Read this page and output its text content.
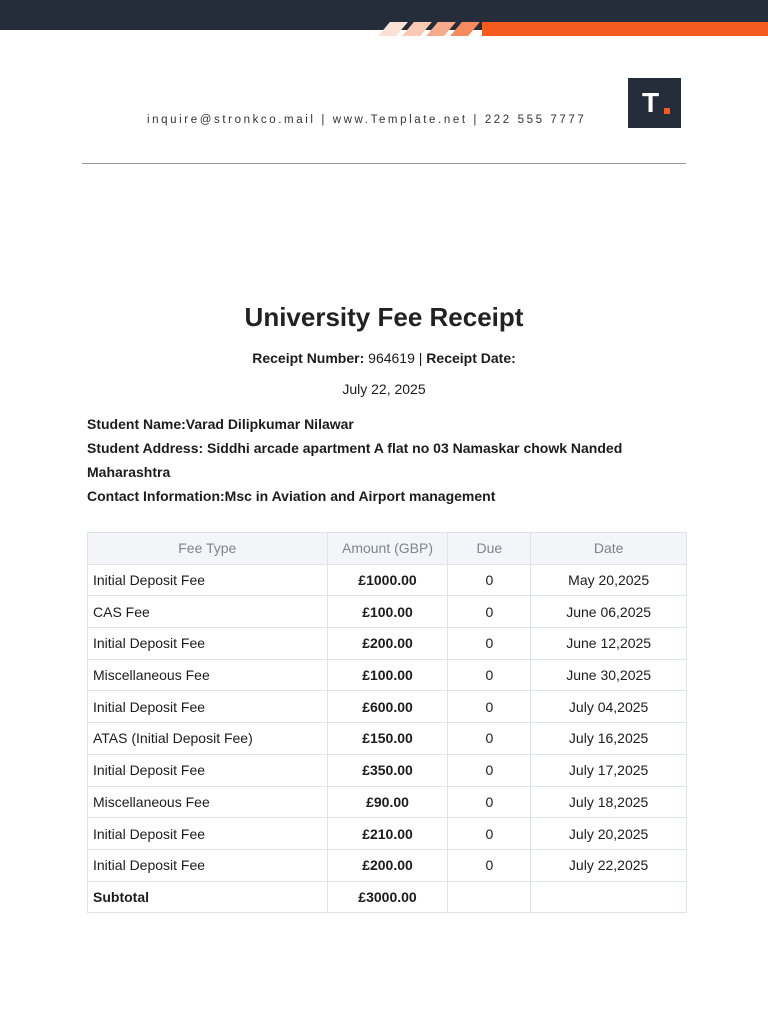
inquire@stronkco.mail | www.Template.net | 222 555 7777
T
University Fee Receipt
Receipt Number: 964619 | Receipt Date:
July 22, 2025

Student Name:Varad Dilipkumar Nilawar

Student Address: Siddhi arcade apartment A flat no 03 Namaskar chowk Nanded Maharashtra

Contact Information:Msc in Aviation and Airport management

Fee Type	Amount (GBP)	Due	Date
Initial Deposit Fee	£1000.00	0	May 20,2025
CAS Fee	£100.00	0	June 06,2025
Initial Deposit Fee	£200.00	0	June 12,2025
Miscellaneous Fee	£100.00	0	June 30,2025
Initial Deposit Fee	£600.00	0	July 04,2025
ATAS (Initial Deposit Fee)	£150.00	0	July 16,2025
Initial Deposit Fee	£350.00	0	July 17,2025
Miscellaneous Fee	£90.00	0	July 18,2025
Initial Deposit Fee	£210.00	0	July 20,2025
Initial Deposit Fee	£200.00	0	July 22,2025
Subtotal	£3000.00		
